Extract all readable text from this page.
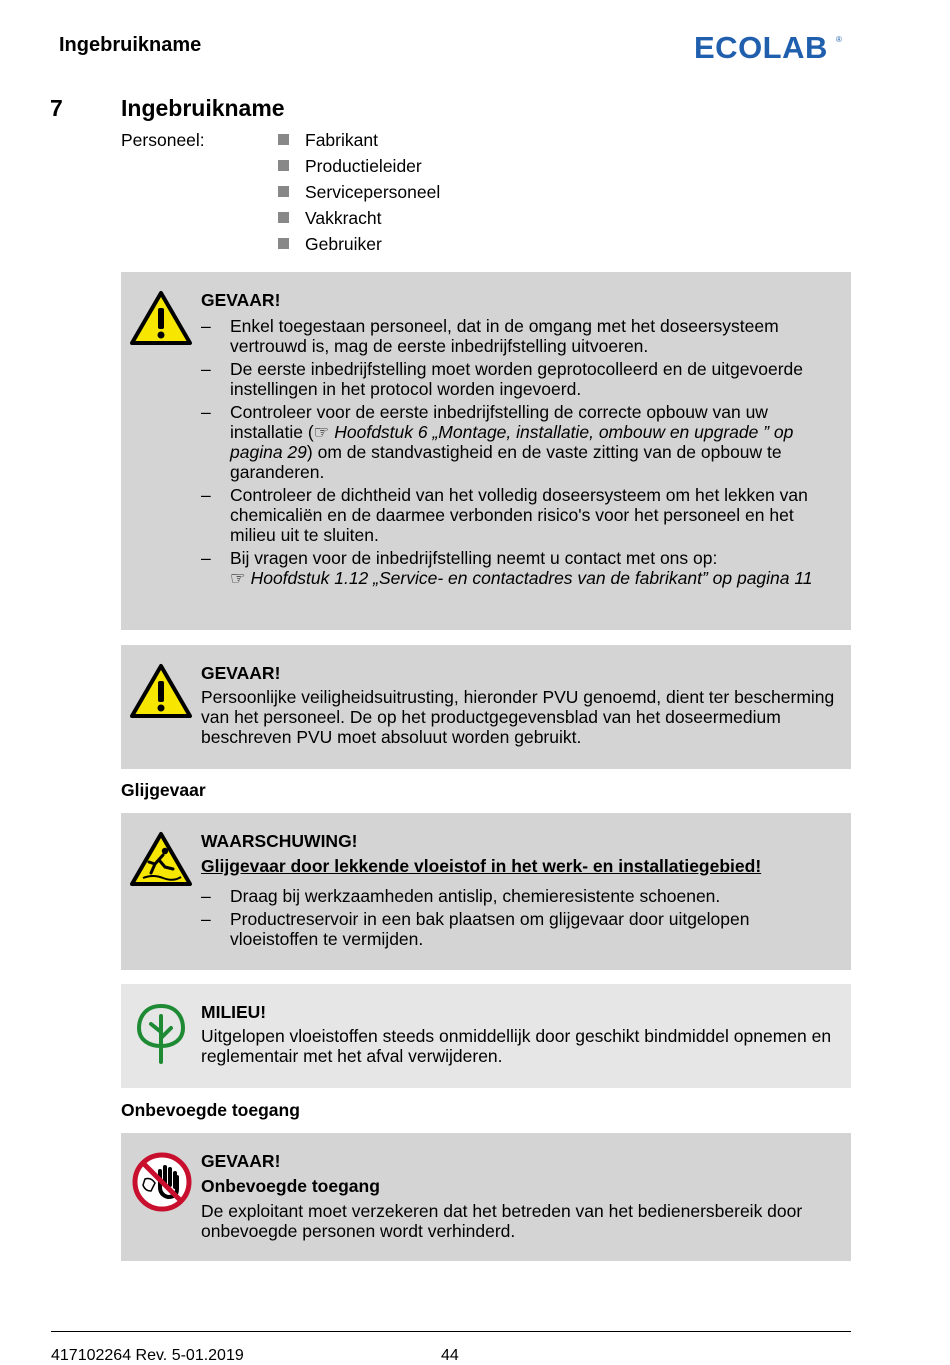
Ingebruikname	ECOLAB ®
7	Ingebruikname
Personeel:	Fabrikant
Productieleider
Servicepersoneel
Vakkracht
Gebruiker
GEVAAR!
– Enkel toegestaan personeel, dat in de omgang met het doseersysteem vertrouwd is, mag de eerste inbedrijfstelling uitvoeren.
– De eerste inbedrijfstelling moet worden geprotocolleerd en de uitgevoerde instellingen in het protocol worden ingevoerd.
– Controleer voor de eerste inbedrijfstelling de correcte opbouw van uw installatie (☞ Hoofdstuk 6 „Montage, installatie, ombouw en upgrade ” op pagina 29) om de standvastigheid en de vaste zitting van de opbouw te garanderen.
– Controleer de dichtheid van het volledig doseersysteem om het lekken van chemicaliën en de daarmee verbonden risico's voor het personeel en het milieu uit te sluiten.
– Bij vragen voor de inbedrijfstelling neemt u contact met ons op:
☞ Hoofdstuk 1.12 „Service- en contactadres van de fabrikant” op pagina 11
GEVAAR!
Persoonlijke veiligheidsuitrusting, hieronder PVU genoemd, dient ter bescherming van het personeel. De op het productgegevensblad van het doseermedium beschreven PVU moet absoluut worden gebruikt.
Glijgevaar
WAARSCHUWING!
Glijgevaar door lekkende vloeistof in het werk- en installatiegebied!
– Draag bij werkzaamheden antislip, chemieresistente schoenen.
– Productreservoir in een bak plaatsen om glijgevaar door uitgelopen vloeistoffen te vermijden.
MILIEU!
Uitgelopen vloeistoffen steeds onmiddellijk door geschikt bindmiddel opnemen en reglementair met het afval verwijderen.
Onbevoegde toegang
GEVAAR!
Onbevoegde toegang
De exploitant moet verzekeren dat het betreden van het bedienersbereik door onbevoegde personen wordt verhinderd.
417102264 Rev. 5-01.2019	44
